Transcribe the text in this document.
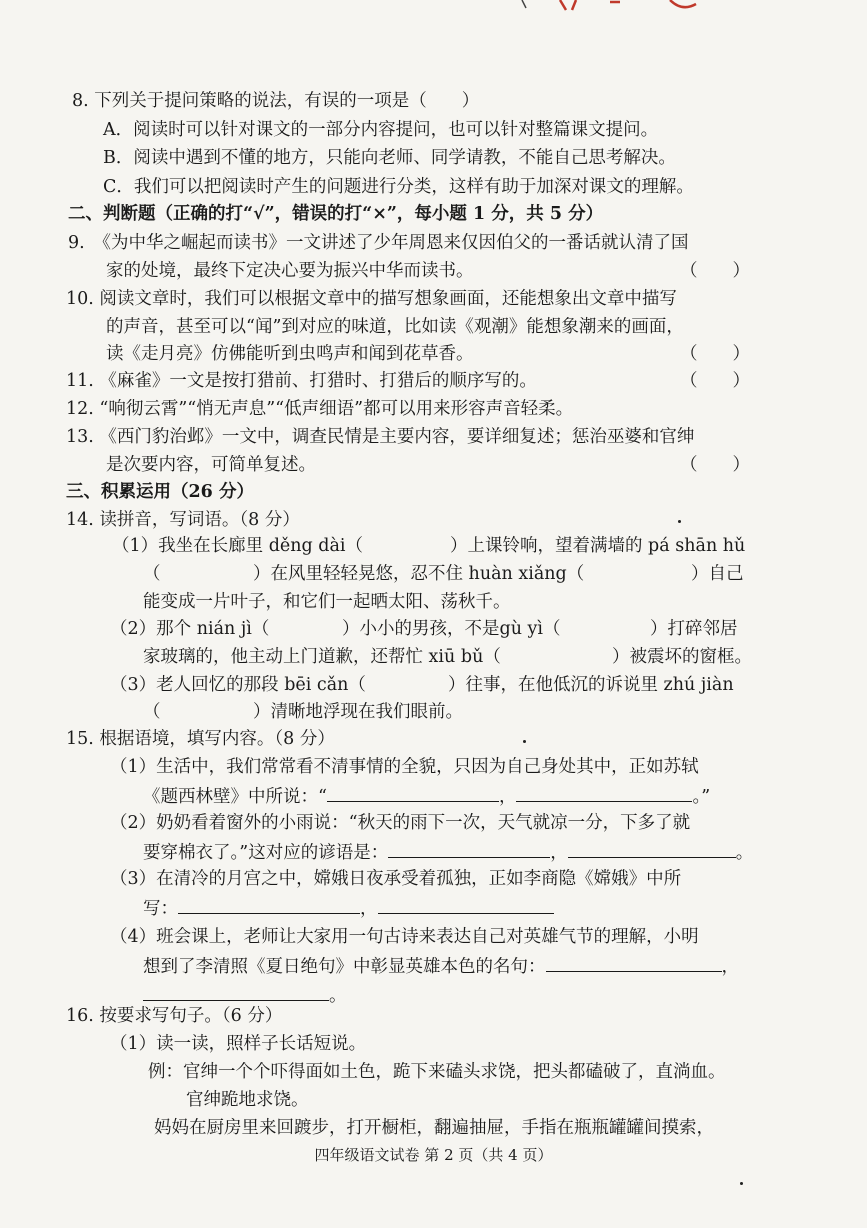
8. 下列关于提问策略的说法，有误的一项是（　　）
A．阅读时可以针对课文的一部分内容提问，也可以针对整篇课文提问。
B．阅读中遇到不懂的地方，只能向老师、同学请教，不能自己思考解决。
C．我们可以把阅读时产生的问题进行分类，这样有助于加深对课文的理解。
二、判断题（正确的打“√”，错误的打“×”，每小题 1 分，共 5 分）
9.　《为中华之崛起而读书》一文讲述了少年周恩来仅因伯父的一番话就认清了国
家的处境，最终下定决心要为振兴中华而读书。	（　　）
10. 阅读文章时，我们可以根据文章中的描写想象画面，还能想象出文章中描写
的声音，甚至可以“闻”到对应的味道，比如读《观潮》能想象潮来的画面，
读《走月亮》仿佛能听到虫鸣声和闻到花草香。	（　　）
11. 《麻雀》一文是按打猎前、打猎时、打猎后的顺序写的。	（　　）
12. “响彻云霄”“悄无声息”“低声细语”都可以用来形容声音轻柔。
13. 《西门豹治邺》一文中，调查民情是主要内容，要详细复述；惩治巫婆和官绅
是次要内容，可简单复述。	（　　）
三、积累运用（26 分）
14. 读拼音，写词语。（8 分）
（1）我坐在长廊里 děng dài（	）上课铃响，望着满墙的 pá shān hǔ
（	）在风里轻轻晃悠，忍不住 huàn xiǎng（	）自己
能变成一片叶子，和它们一起晒太阳、荡秋千。
（2）那个 nián jì（	）小小的男孩，不是gù yì（	）打碎邻居
家玻璃的，他主动上门道歉，还帮忙 xiū bǔ（	）被震坏的窗框。
（3）老人回忆的那段 bēi cǎn（	）往事，在他低沉的诉说里 zhú jiàn
（	）清晰地浮现在我们眼前。
15. 根据语境，填写内容。（8 分）
（1）生活中，我们常常看不清事情的全貌，只因为自己身处其中，正如苏轼
《题西林壁》中所说：“	，	。”
（2）奶奶看着窗外的小雨说：“秋天的雨下一次，天气就凉一分，下多了就
要穿棉衣了。”这对应的谚语是：	，	。
（3）在清冷的月宫之中，嫦娥日夜承受着孤独，正如李商隐《嫦娥》中所
写：	，
（4）班会课上，老师让大家用一句古诗来表达自己对英雄气节的理解，小明
想到了李清照《夏日绝句》中彰显英雄本色的名句：	，
。
16. 按要求写句子。（6 分）
（1）读一读，照样子长话短说。
例：官绅一个个吓得面如土色，跪下来磕头求饶，把头都磕破了，直淌血。
官绅跪地求饶。
妈妈在厨房里来回踱步，打开橱柜，翻遍抽屉，手指在瓶瓶罐罐间摸索，
四年级语文试卷 第 2 页（共 4 页）
